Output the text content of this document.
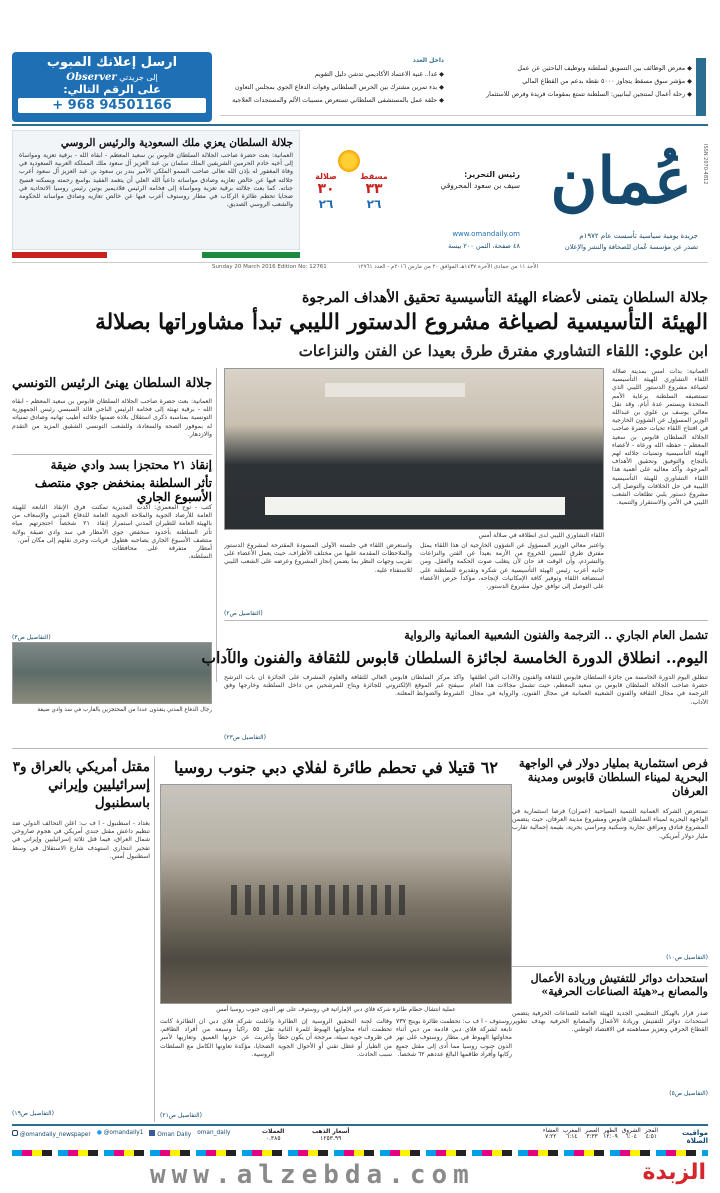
◆ معرض الوظائف بين التسويق لسلطنة وتوظيف الباحثين عن عمل
◆ مؤشر سوق مسقط يتجاوز ٥٠٠٠ نقطة بدعم من القطاع المالي
◆ رحلة أعمال لمنتجين لبنانيين: السلطنة تتمتع بمقومات فريدة وفرص للاستثمار
داخل العدد
◆ غدا.. غنية الاعتماد الأكاديمي تدشن دليل التقويم
◆ بدء تمرين مشترك بين الحرس السلطاني وقوات الدفاع الجوي بمجلس التعاون
◆ حلقة عمل بالمستشفى السلطاني تستعرض مسببات الألم والمستجدات العلاجية
ارسل إعلانك المبوب
إلى جريدتي Observer
على الرقم التالي:
+ 968 94501166
عُمان ISSN 2070-4812
جريدة يومية سياسية تأسست عام ١٩٧٢م
تصدر عن مؤسسة عُمان للصحافة والنشر والإعلان
٤٨ صفحة، الثمن ٢٠٠ بيسة
رئيس التحرير:
سيف بن سعود المحروقي
www.omandaily.om
مسقط
٣٣
٢٦
صلالة
٣٠
٢٦
جلالة السلطان يعزي ملك السعودية والرئيس الروسي
العمانية: بعث حضرة صاحب الجلالة السلطان قابوس بن سعيد المعظم - أبقاه الله - برقية تعزية ومواساة إلى أخيه خادم الحرمين الشريفين الملك سلمان بن عبد العزيز آل سعود ملك المملكة العربية السعودية في وفاة المغفور له بإذن الله تعالى صاحب السمو الملكي الأمير بندر بن سعود بن عبد العزيز آل سعود أعرب جلالته فيها عن خالص تعازيه وصادق مواساته داعياً الله العلي أن يتغمد الفقيد بواسع رحمته ويسكنه فسيح جناته. كما بعث جلالته برقية تعزية ومواساة إلى فخامة الرئيس فلاديمير بوتين رئيس روسيا الاتحادية في ضحايا تحطم طائرة الركاب في مطار روستوف أعرب فيها عن خالص تعازيه وصادق مواساته للحكومة والشعب الروسي الصديق.
Sunday 20 March 2016 Edition No: 12761	الأحد ١١ من جمادى الآخرة ١٤٣٧هـ الموافق ٢٠ من مارس ٢٠١٦م - العدد ١٢٧٦١
جلالة السلطان يتمنى لأعضاء الهيئة التأسيسية تحقيق الأهداف المرجوة
الهيئة التأسيسية لصياغة مشروع الدستور الليبي تبدأ مشاوراتها بصلالة
ابن علوي: اللقاء التشاوري مفترق طرق بعيدا عن الفتن والنزاعات
العمانية: بدأت أمس بمدينة صلالة اللقاء التشاوري للهيئة التأسيسية لصياغة مشروع الدستور الليبي الذي تستضيفه السلطنة برعاية الأمم المتحدة ويستمر عدة أيام. وقد نقل معالي يوسف بن علوي بن عبدالله الوزير المسؤول عن الشؤون الخارجية في افتتاح اللقاء تحيات حضرة صاحب الجلالة السلطان قابوس بن سعيد المعظم - حفظه الله ورعاه - لأعضاء الهيئة التأسيسية وتمنيات جلالته لهم بالنجاح والتوفيق وتحقيق الأهداف المرجوة. وأكد معاليه على أهمية هذا اللقاء التشاوري للهيئة التأسيسية الليبية في حل الخلافات والتوصل إلى مشروع دستور يلبي تطلعات الشعب الليبي في الأمن والاستقرار والتنمية.
اللقاء التشاوري الليبي لدى انطلاقه في صلالة أمس
واعتبر معالي الوزير المسؤول عن الشؤون الخارجية أن هذا اللقاء يمثل مفترق طرق لليبيين للخروج من الأزمة بعيداً عن الفتن والنزاعات والتشرذم، وأن الوقت قد حان لأن يتغلب صوت الحكمة والعقل. ومن جانبه أعرب رئيس الهيئة التأسيسية عن شكره وتقديره للسلطنة على استضافة اللقاء وتوفير كافة الإمكانيات لإنجاحه، مؤكداً حرص الأعضاء على التوصل إلى توافق حول مشروع الدستور.
واستعرض اللقاء في جلسته الأولى المسودة المقترحة لمشروع الدستور والملاحظات المقدمة عليها من مختلف الأطراف، حيث يعمل الأعضاء على تقريب وجهات النظر بما يضمن إنجاز المشروع وعرضه على الشعب الليبي للاستفتاء عليه.
(التفاصيل ص٢)
جلالة السلطان يهنئ الرئيس التونسي
العمانية: بعث حضرة صاحب الجلالة السلطان قابوس بن سعيد المعظم - أبقاه الله - برقية تهنئة إلى فخامة الرئيس الباجي قائد السبسي رئيس الجمهورية التونسية بمناسبة ذكرى استقلال بلاده ضمنها جلالته أطيب تهانيه وصادق تمنياته له بموفور الصحة والسعادة، وللشعب التونسي الشقيق المزيد من التقدم والازدهار.
إنقاذ ٢١ محتجزا بسد وادي ضيقة
تأثر السلطنة بمنخفض جوي منتصف الأسبوع الجاري
كتب - نوح المعمري: أكدت المديرية العامة للأرصاد الجوية والملاحة الجوية بالهيئة العامة للطيران المدني استمرار تأثر السلطنة بأخدود منخفض جوي منتصف الأسبوع الجاري يصاحبه هطول أمطار متفرقة على محافظات السلطنة.
تمكنت فرق الإنقاذ التابعة للهيئة العامة للدفاع المدني والإسعاف من إنقاذ ٢١ شخصاً احتجزتهم مياه الأمطار في سد وادي ضيقة بولاية قريات، وجرى نقلهم إلى مكان آمن.
رجال الدفاع المدني ينقذون عددا من المحتجزين بالقارب في سد وادي ضيقة
(التفاصيل ص٣)	تشمل العام الجاري .. الترجمة والفنون الشعبية العمانية والرواية
اليوم.. انطلاق الدورة الخامسة لجائزة السلطان قابوس للثقافة والفنون والآداب
تنطلق اليوم الدورة الخامسة من جائزة السلطان قابوس للثقافة والفنون والآداب التي أطلقها حضرة صاحب الجلالة السلطان قابوس بن سعيد المعظم، حيث تشمل مجالات هذا العام الترجمة في مجال الثقافة والفنون الشعبية العمانية في مجال الفنون، والرواية في مجال الآداب.
وأكد مركز السلطان قابوس العالي للثقافة والعلوم المشرف على الجائزة أن باب الترشح سيفتح عبر الموقع الإلكتروني للجائزة ويتاح للمرشحين من داخل السلطنة وخارجها وفق الشروط والضوابط المعلنة.
(التفاصيل ص٢٣)
فرص استثمارية بمليار دولار في الواجهة البحرية لميناء السلطان قابوس ومدينة العرفان
تستعرض الشركة العمانية للتنمية السياحية (عمران) فرصاً استثمارية في الواجهة البحرية لميناء السلطان قابوس ومشروع مدينة العرفان، حيث يتضمن المشروع فنادق ومرافق تجارية وسكنية ومراسي بحرية، بقيمة إجمالية تقارب مليار دولار أمريكي.
(التفاصيل ص١٠)
استحداث دوائر للتفتيش وريادة الأعمال والمصانع بـ«هيئة الصناعات الحرفية»
صدر قرار بالهيكل التنظيمي الجديد للهيئة العامة للصناعات الحرفية يتضمن استحداث دوائر للتفتيش وريادة الأعمال والمصانع الحرفية بهدف تطوير القطاع الحرفي وتعزيز مساهمته في الاقتصاد الوطني.
(التفاصيل ص٥)
٦٢ قتيلا في تحطم طائرة لفلاي دبي جنوب روسيا
عملية انتشال حطام طائرة شركة فلاي دبي الإماراتية في روستوف على نهر الدون جنوب روسيا أمس
روستوف - أ ف ب: تحطمت طائرة بوينج ٧٣٧ تابعة لشركة فلاي دبي قادمة من دبي أثناء محاولتها الهبوط في مطار روستوف على نهر الدون جنوب روسيا مما أدى إلى مقتل جميع ركابها وأفراد طاقمها البالغ عددهم ٦٢ شخصاً.
وقالت لجنة التحقيق الروسية إن الطائرة تحطمت أثناء محاولتها الهبوط للمرة الثانية في ظروف جوية سيئة، مرجحة أن يكون خطأ من الطيار أو عطل تقني أو الأحوال الجوية سبب الحادث.
وأعلنت شركة فلاي دبي أن الطائرة كانت تقل ٥٥ راكباً وسبعة من أفراد الطاقم، وأعربت عن حزنها العميق وتعازيها لأسر الضحايا، مؤكدة تعاونها الكامل مع السلطات الروسية.
(التفاصيل ص٢١)
مقتل أمريكي بالعراق و٣ إسرائيليين وإيراني باسطنبول
بغداد - اسطنبول - أ ف ب: أعلن التحالف الدولي ضد تنظيم داعش مقتل جندي أمريكي في هجوم صاروخي شمال العراق، فيما قتل ثلاثة إسرائيليين وإيراني في تفجير انتحاري استهدف شارع الاستقلال في وسط اسطنبول أمس.
(التفاصيل ص١٩)
مواقيت الصلاة
الفجر
٤:٥١
الشروق
٦:٠٤
الظهر
١٢:٠٩
العصر
٣:٣٣
المغرب
٦:١٤
العشاء
٧:٢٢
أسعار الذهب
١٢٥٣.٩٩
العملات
٠.٣٨٥
@omandaily_newspaper ● @omandaily1	Oman Daily oman_daily
www.alzebda.com	الزبدة
